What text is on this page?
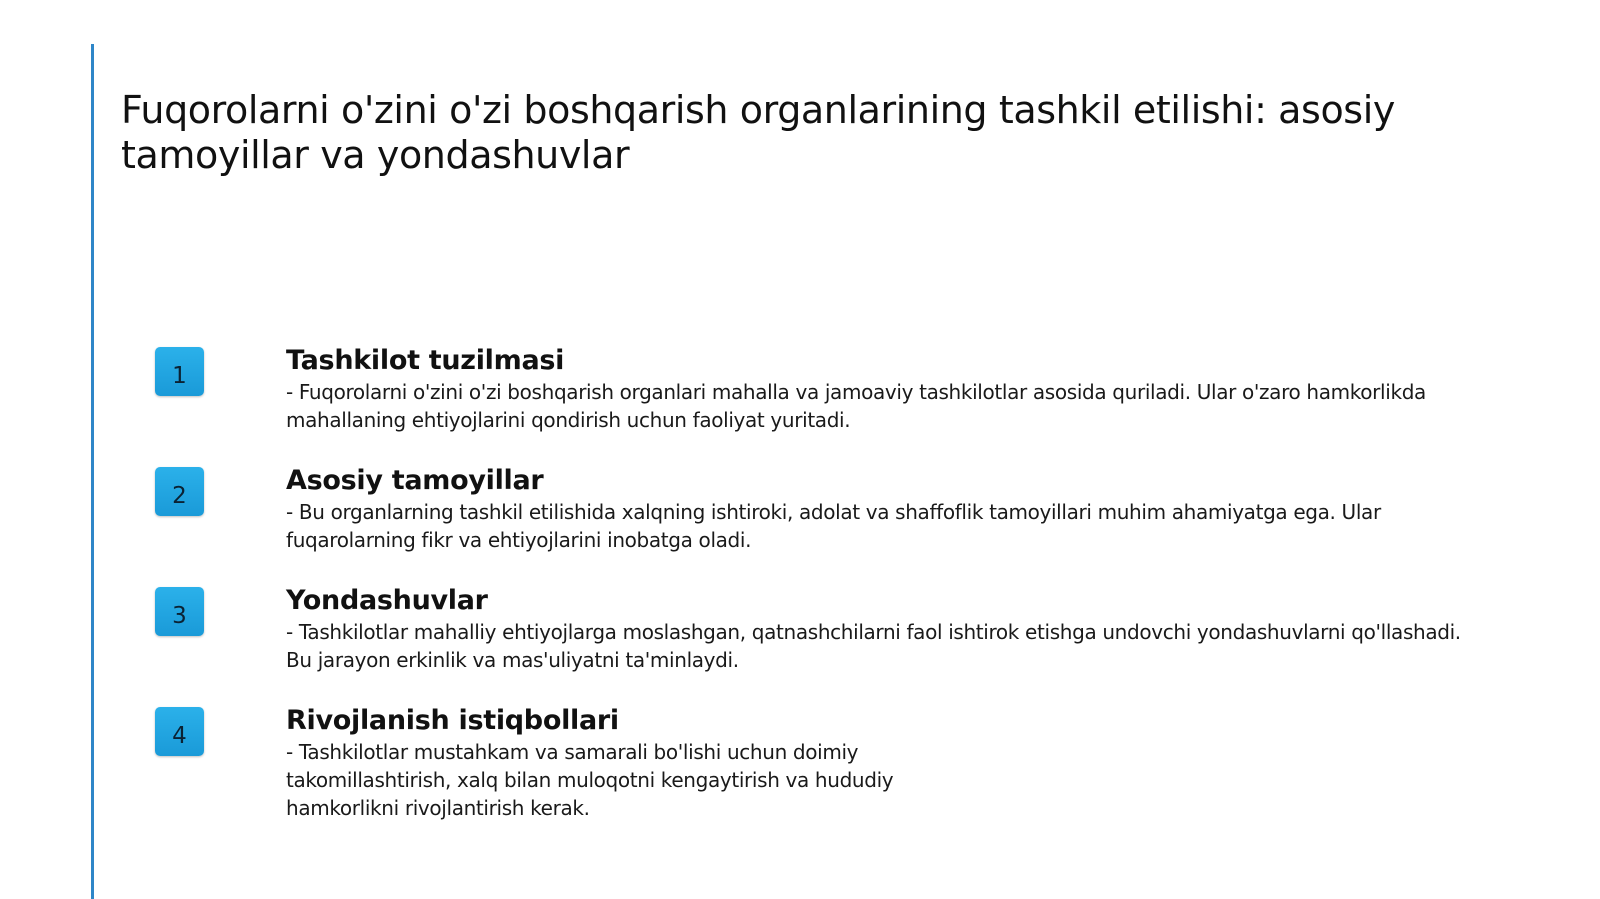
Fuqorolarni o'zini o'zi boshqarish organlarining tashkil etilishi: asosiy tamoyillar va yondashuvlar
1	Tashkilot tuzilmasi

- Fuqorolarni o'zini o'zi boshqarish organlari mahalla va jamoaviy tashkilotlar asosida quriladi. Ular o'zaro hamkorlikda mahallaning ehtiyojlarini qondirish uchun faoliyat yuritadi.

2	Asosiy tamoyillar

- Bu organlarning tashkil etilishida xalqning ishtiroki, adolat va shaffoflik tamoyillari muhim ahamiyatga ega. Ular fuqarolarning fikr va ehtiyojlarini inobatga oladi.

3	Yondashuvlar

- Tashkilotlar mahalliy ehtiyojlarga moslashgan, qatnashchilarni faol ishtirok etishga undovchi yondashuvlarni qo'llashadi. Bu jarayon erkinlik va mas'uliyatni ta'minlaydi.

4	Rivojlanish istiqbollari

- Tashkilotlar mustahkam va samarali bo'lishi uchun doimiy takomillashtirish, xalq bilan muloqotni kengaytirish va hududiy hamkorlikni rivojlantirish kerak.
